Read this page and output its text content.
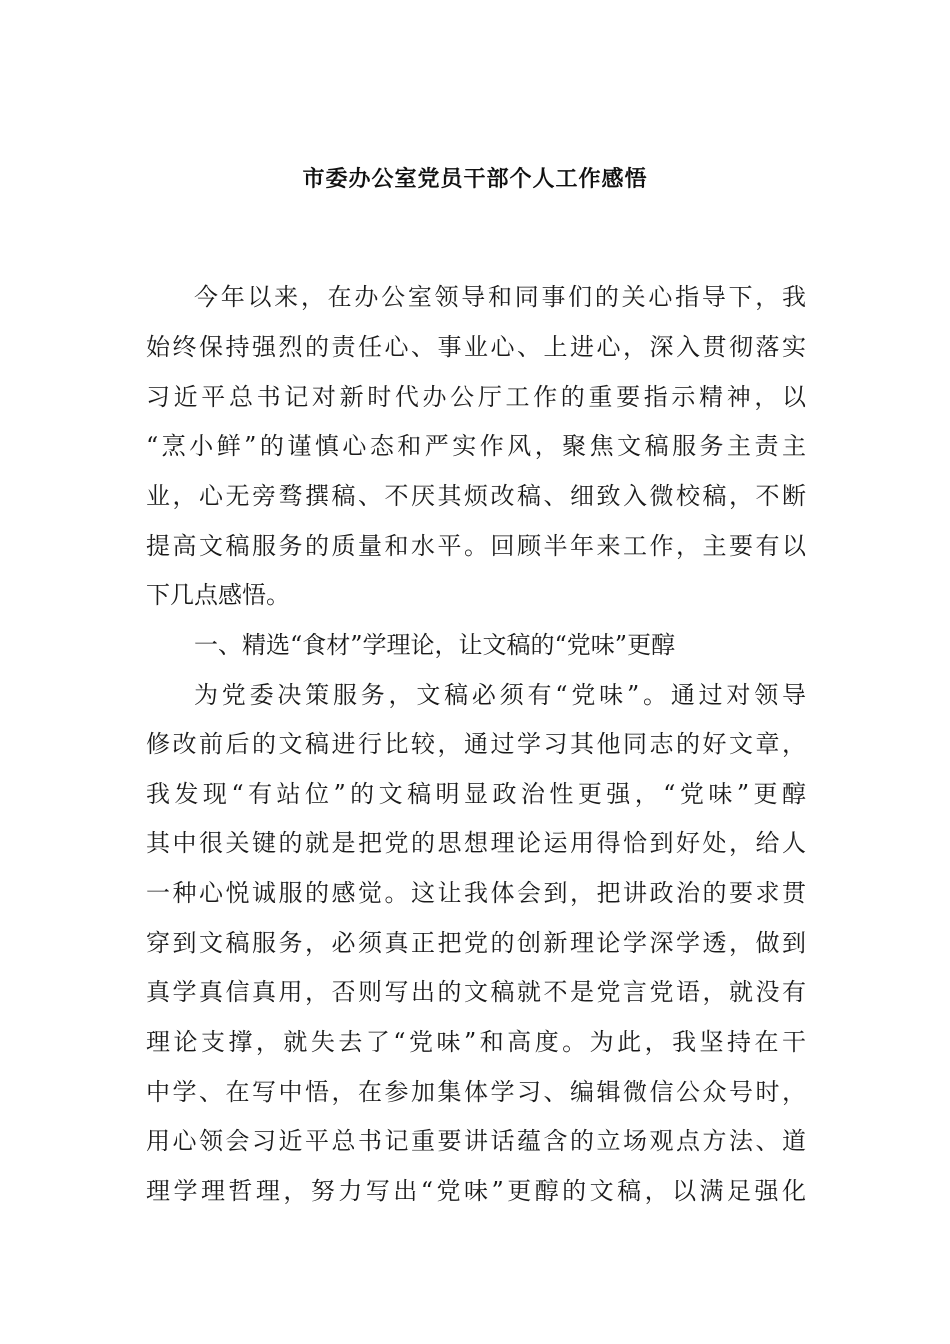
市委办公室党员干部个人工作感悟
今年以来，在办公室领导和同事们的关心指导下，我
始终保持强烈的责任心、事业心、上进心，深入贯彻落实
习近平总书记对新时代办公厅工作的重要指示精神，以
“烹小鲜”的谨慎心态和严实作风，聚焦文稿服务主责主
业，心无旁骛撰稿、不厌其烦改稿、细致入微校稿，不断
提高文稿服务的质量和水平。回顾半年来工作，主要有以
下几点感悟。
一、精选“食材”学理论，让文稿的“党味”更醇
为党委决策服务，文稿必须有“党味”。通过对领导
修改前后的文稿进行比较，通过学习其他同志的好文章，
我发现“有站位”的文稿明显政治性更强，“党味”更醇
其中很关键的就是把党的思想理论运用得恰到好处，给人
一种心悦诚服的感觉。这让我体会到，把讲政治的要求贯
穿到文稿服务，必须真正把党的创新理论学深学透，做到
真学真信真用，否则写出的文稿就不是党言党语，就没有
理论支撑，就失去了“党味”和高度。为此，我坚持在干
中学、在写中悟，在参加集体学习、编辑微信公众号时，
用心领会习近平总书记重要讲话蕴含的立场观点方法、道
理学理哲理，努力写出“党味”更醇的文稿，以满足强化
